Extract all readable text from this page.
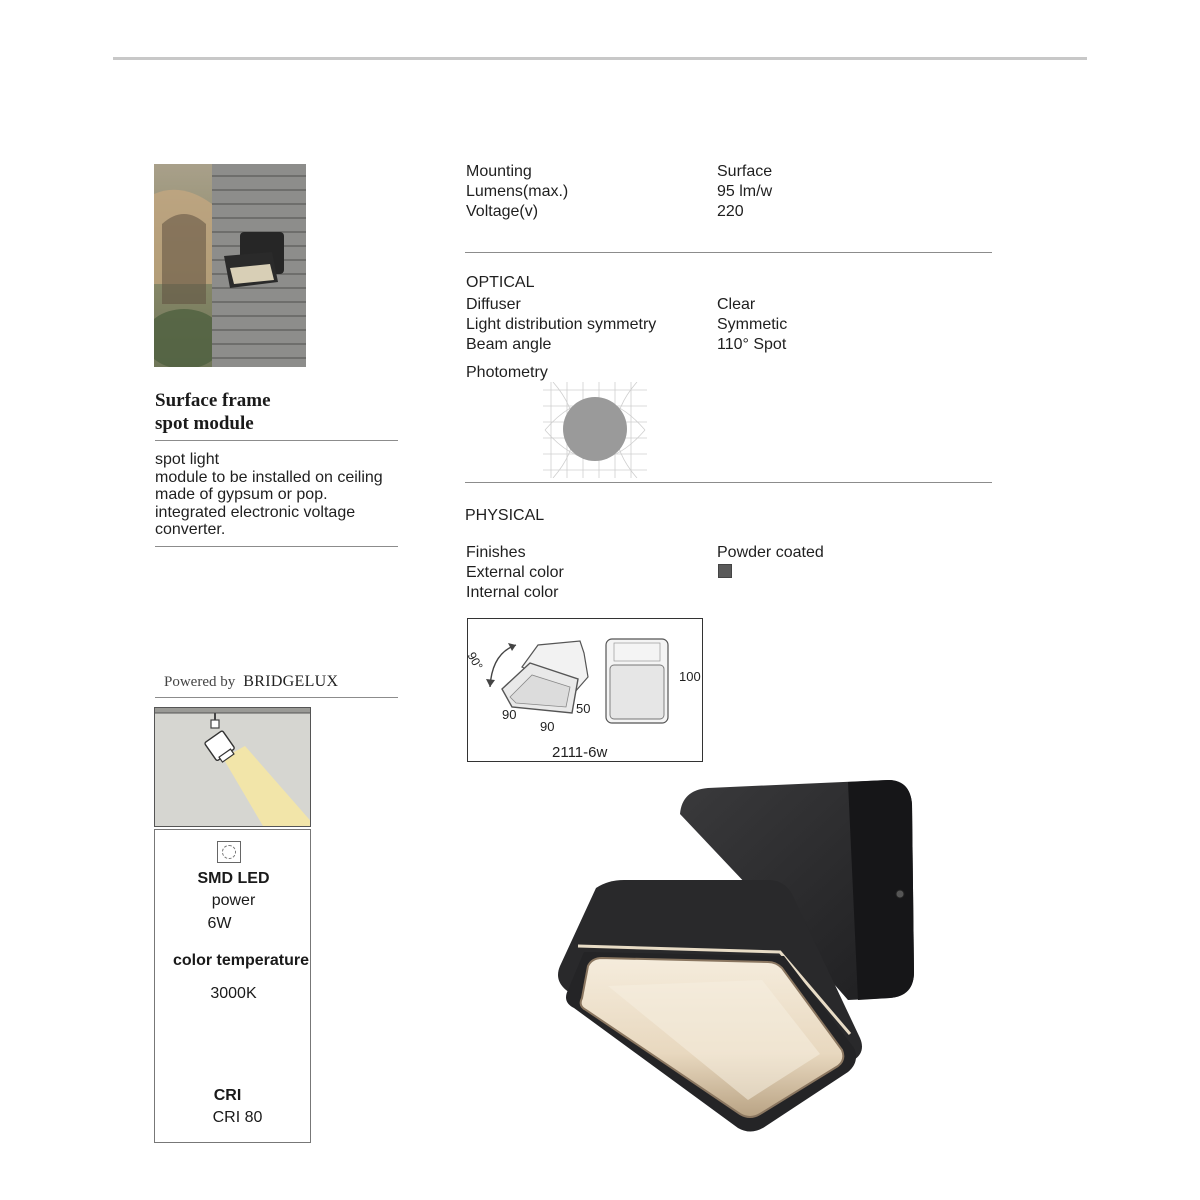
Surface frame
spot module
spot light
module to be installed on ceiling
made of gypsum or pop.
integrated electronic voltage
converter.
Powered by BRIDGELUX
SMD LED
power
6W
color temperature
3000K
CRI
CRI 80
Mounting	Surface
Lumens(max.)	95 lm/w
Voltage(v)	220
OPTICAL
Diffuser	Clear
Light distribution symmetry	Symmetic
Beam angle	110° Spot
Photometry
PHYSICAL
Finishes	Powder coated
External color
Internal color
90°
90
90
50
100
2111-6w
